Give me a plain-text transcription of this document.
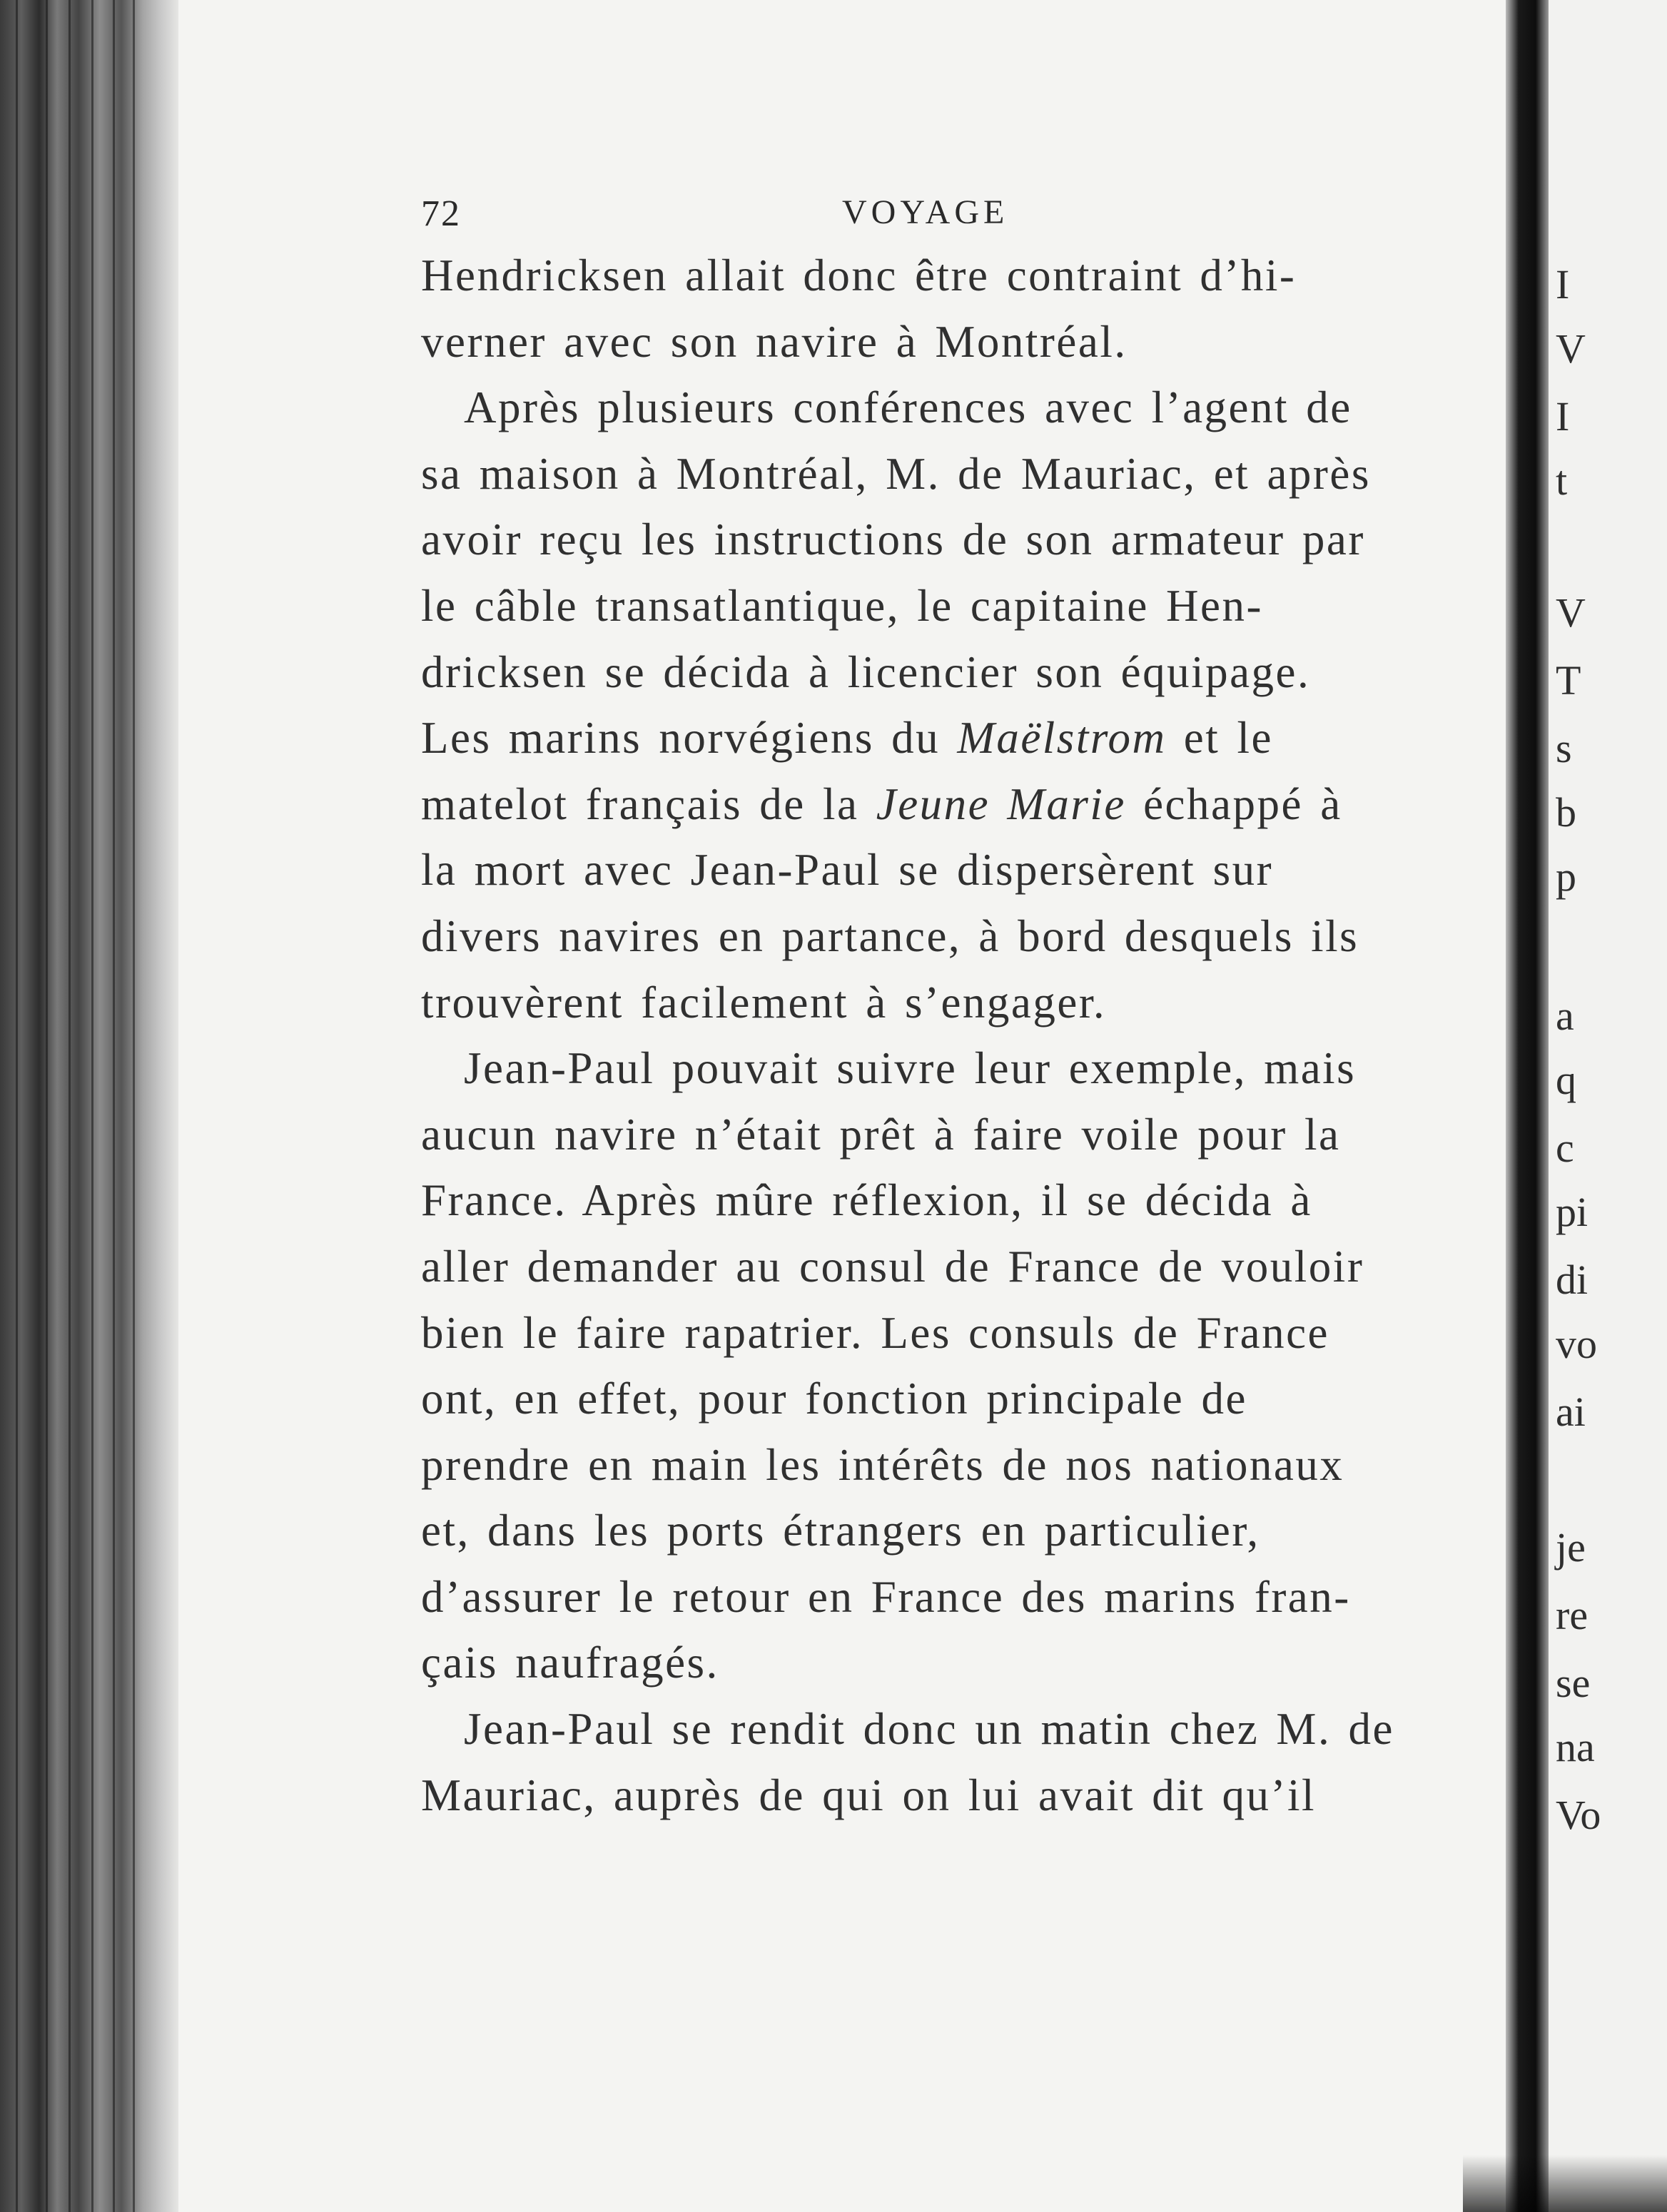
I
V
I
t
V
T
s
b
p
a
q
c
pi
di
vo
ai
je
re
se
na
Vo
72	VOYAGE

Hendricksen allait donc être contraint d’hi-

verner avec son navire à Montréal.

Après plusieurs conférences avec l’agent de

sa maison à Montréal, M. de Mauriac, et après

avoir reçu les instructions de son armateur par

le câble transatlantique, le capitaine Hen-

dricksen se décida à licencier son équipage.

Les marins norvégiens du Maëlstrom et le

matelot français de la Jeune Marie échappé à

la mort avec Jean-Paul se dispersèrent sur

divers navires en partance, à bord desquels ils

trouvèrent facilement à s’engager.

Jean-Paul pouvait suivre leur exemple, mais

aucun navire n’était prêt à faire voile pour la

France. Après mûre réflexion, il se décida à

aller demander au consul de France de vouloir

bien le faire rapatrier. Les consuls de France

ont, en effet, pour fonction principale de

prendre en main les intérêts de nos nationaux

et, dans les ports étrangers en particulier,

d’assurer le retour en France des marins fran-

çais naufragés.

Jean-Paul se rendit donc un matin chez M. de

Mauriac, auprès de qui on lui avait dit qu’il
